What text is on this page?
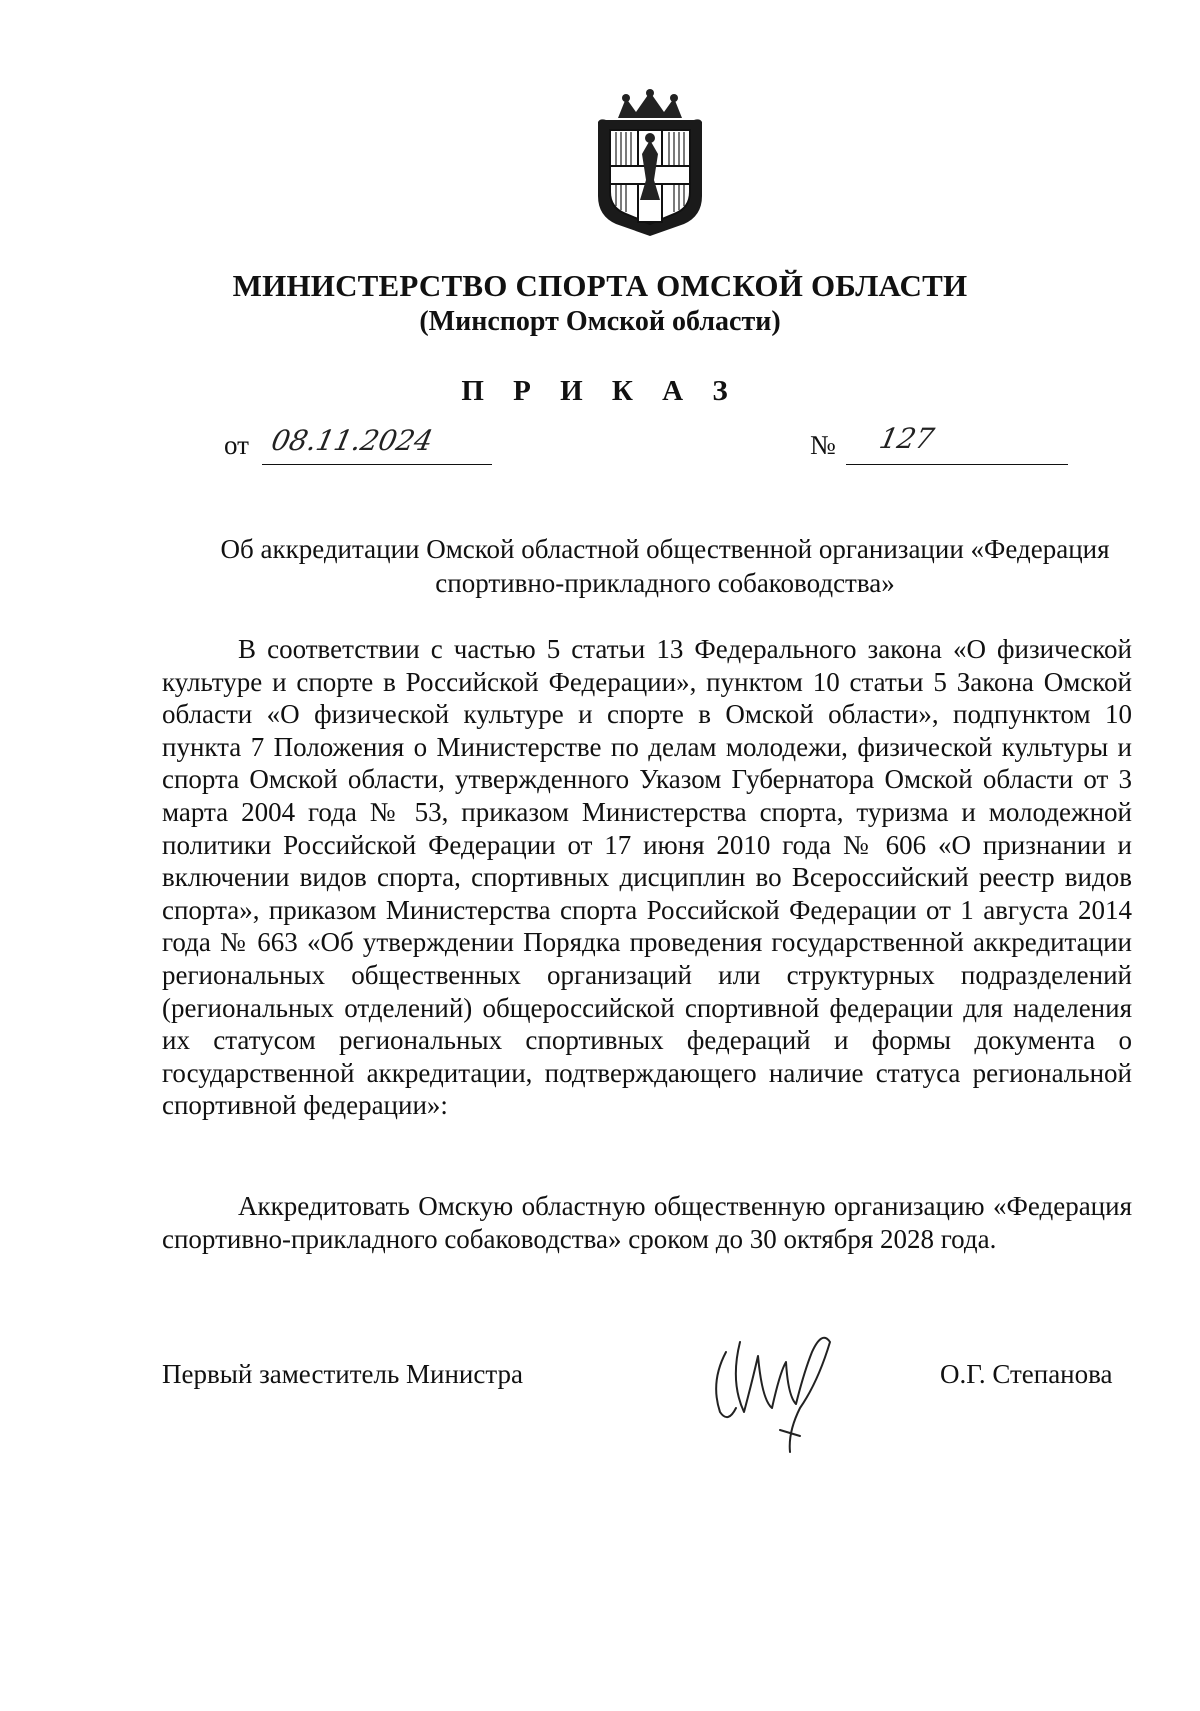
МИНИСТЕРСТВО СПОРТА ОМСКОЙ ОБЛАСТИ
(Минспорт Омской области)
П Р И К А З
от 08.11.2024	№ 127
Об аккредитации Омской областной общественной организации «Федерация спортивно-прикладного собаководства»

В соответствии с частью 5 статьи 13 Федерального закона «О физической культуре и спорте в Российской Федерации», пунктом 10 статьи 5 Закона Омской области «О физической культуре и спорте в Омской области», подпунктом 10 пункта 7 Положения о Министерстве по делам молодежи, физической культуры и спорта Омской области, утвержденного Указом Губернатора Омской области от 3 марта 2004 года № 53, приказом Министерства спорта, туризма и молодежной политики Российской Федерации от 17 июня 2010 года № 606 «О признании и включении видов спорта, спортивных дисциплин во Всероссийский реестр видов спорта», приказом Министерства спорта Российской Федерации от 1 августа 2014 года № 663 «Об утверждении Порядка проведения государственной аккредитации региональных общественных организаций или структурных подразделений (региональных отделений) общероссийской спортивной федерации для наделения их статусом региональных спортивных федераций и формы документа о государственной аккредитации, подтверждающего наличие статуса региональной спортивной федерации»:

Аккредитовать Омскую областную общественную организацию «Федерация спортивно-прикладного собаководства» сроком до 30 октября 2028 года.

Первый заместитель Министра	О.Г. Степанова
